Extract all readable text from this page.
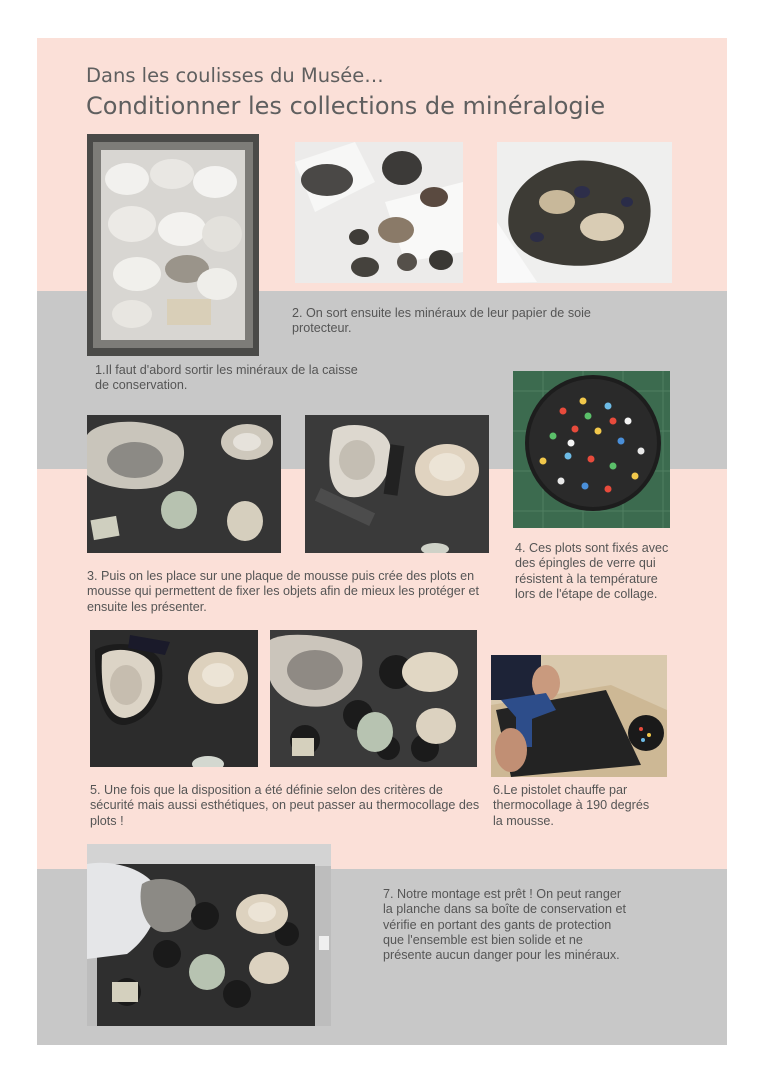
Dans les coulisses du Musée…
Conditionner les collections de minéralogie
2. On sort ensuite les minéraux de leur papier de soie protecteur.
1.Il faut d'abord sortir les minéraux de la caisse de conservation.
4. Ces plots sont fixés avec des épingles de verre qui résistent à la température lors de l'étape de collage.
3. Puis on les place sur une plaque de mousse puis crée des plots en mousse qui permettent de fixer les objets afin de mieux les protéger et ensuite les présenter.
5. Une fois que la disposition a été définie selon des critères de sécurité mais aussi esthétiques, on peut passer au thermocollage des plots !
6.Le pistolet chauffe par thermocollage à 190 degrés la mousse.
7. Notre montage est prêt ! On peut ranger la planche dans sa boîte de conservation et vérifie en portant des gants de protection que l'ensemble est bien solide et ne présente aucun danger pour les minéraux.
